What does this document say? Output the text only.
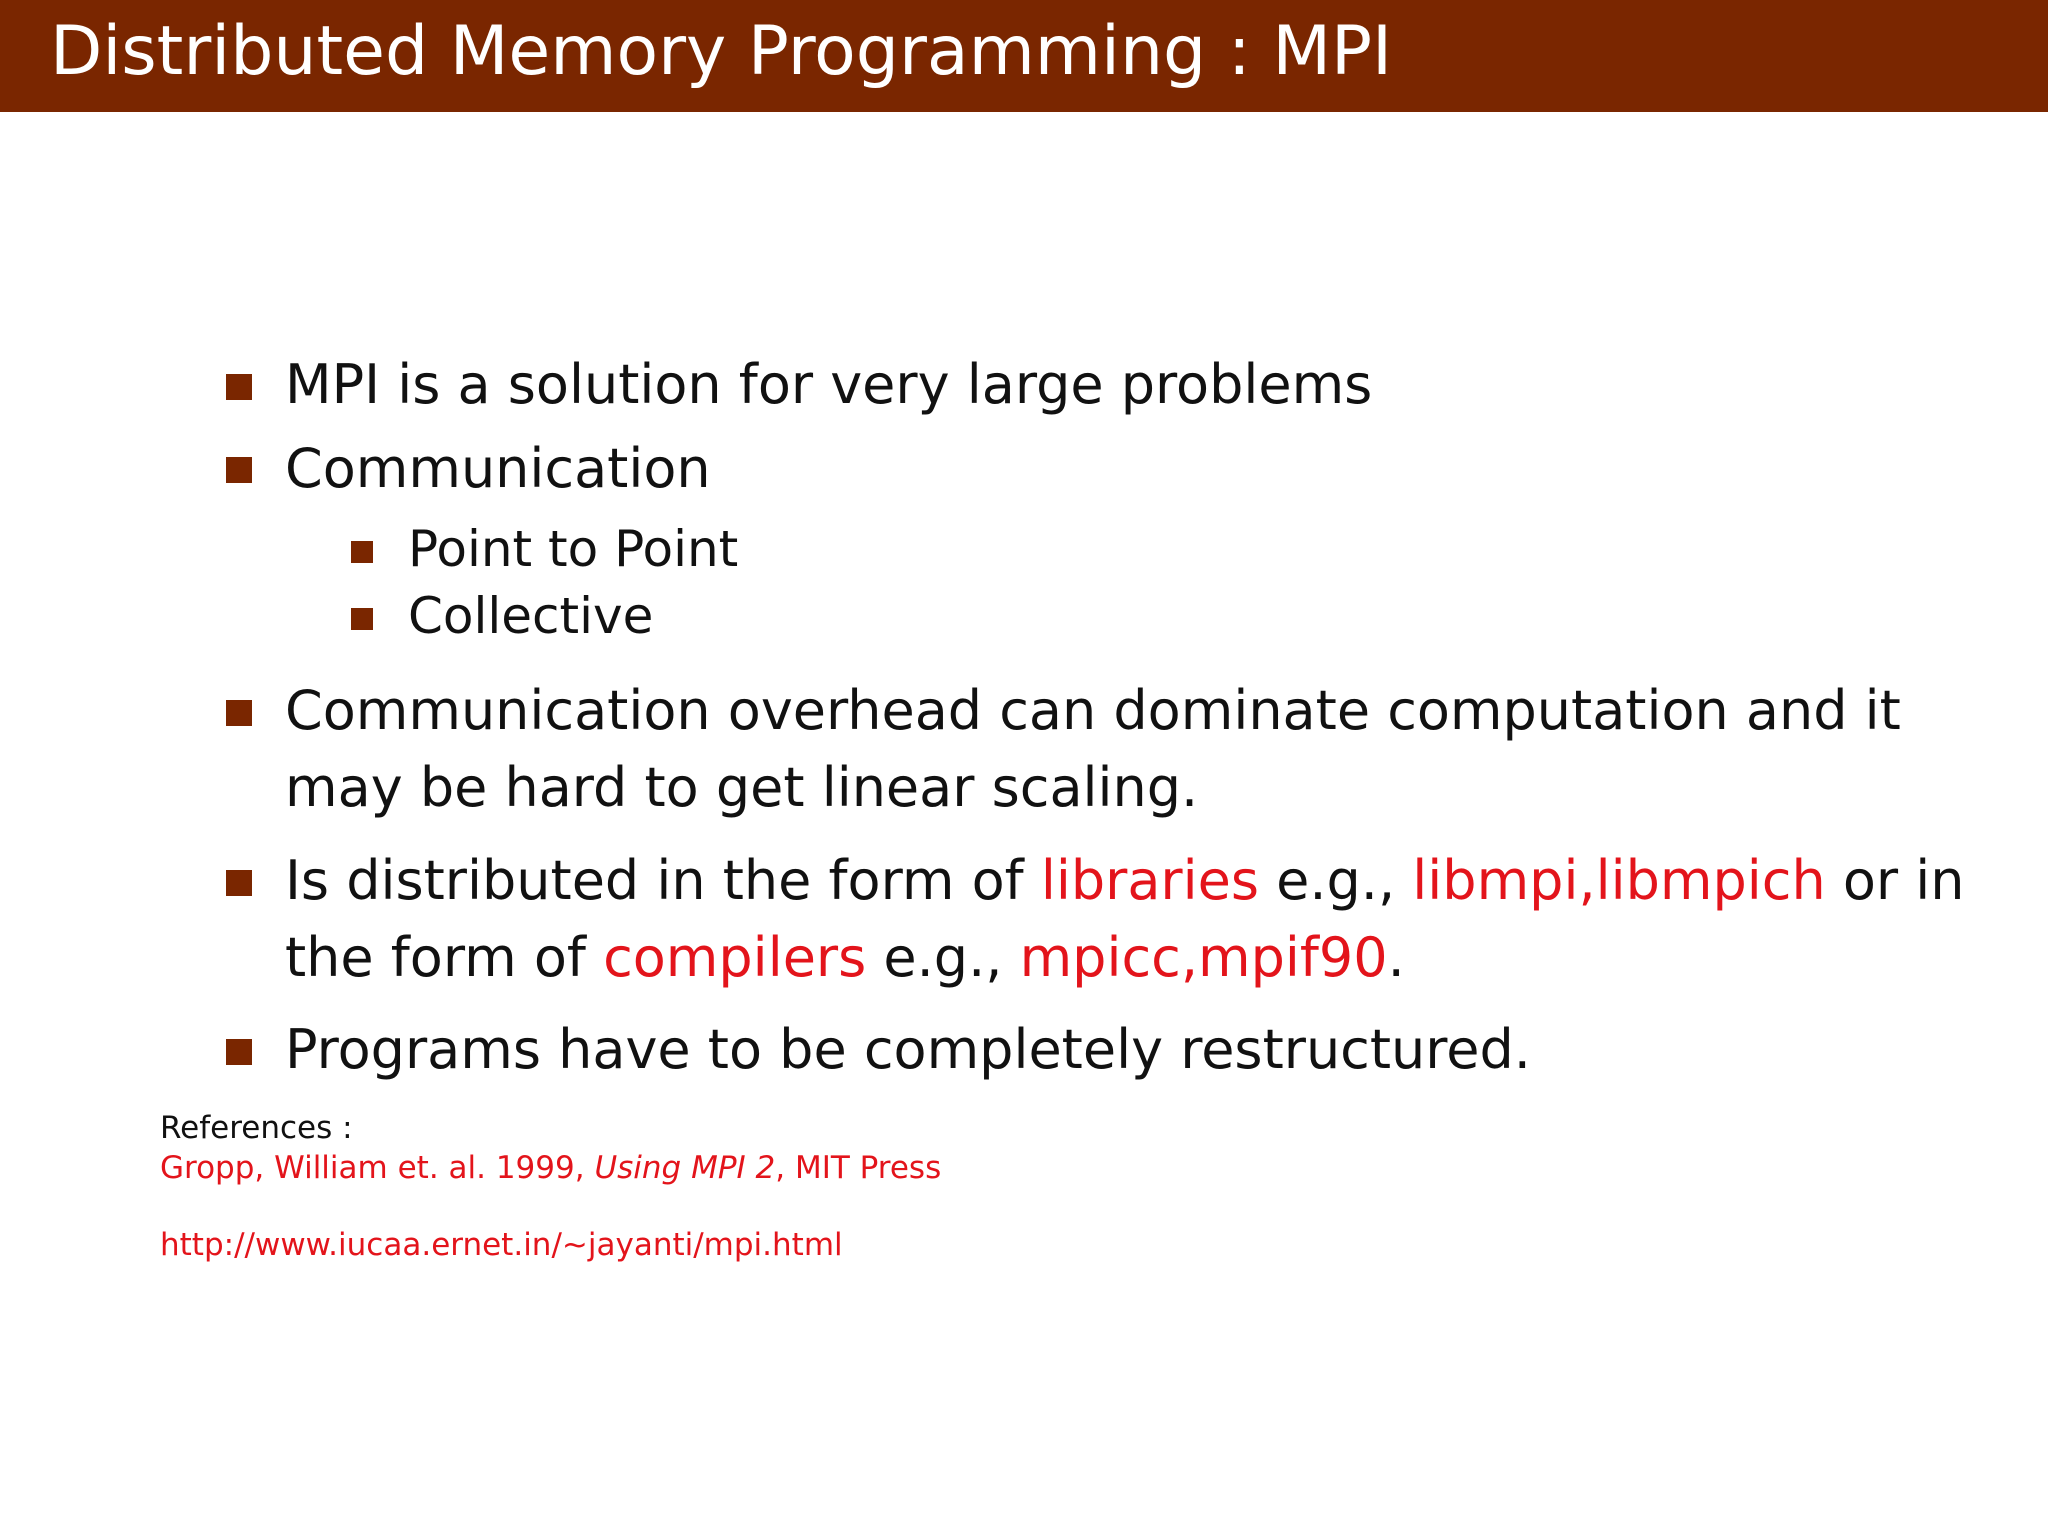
Distributed Memory Programming : MPI
MPI is a solution for very large problems
Communication
Point to Point
Collective
Communication overhead can dominate computation and it
may be hard to get linear scaling.
Is distributed in the form of libraries e.g., libmpi,libmpich or in
the form of compilers e.g., mpicc,mpif90.
Programs have to be completely restructured.
References :
Gropp, William et. al. 1999, Using MPI 2, MIT Press
http://www.iucaa.ernet.in/∼jayanti/mpi.html
